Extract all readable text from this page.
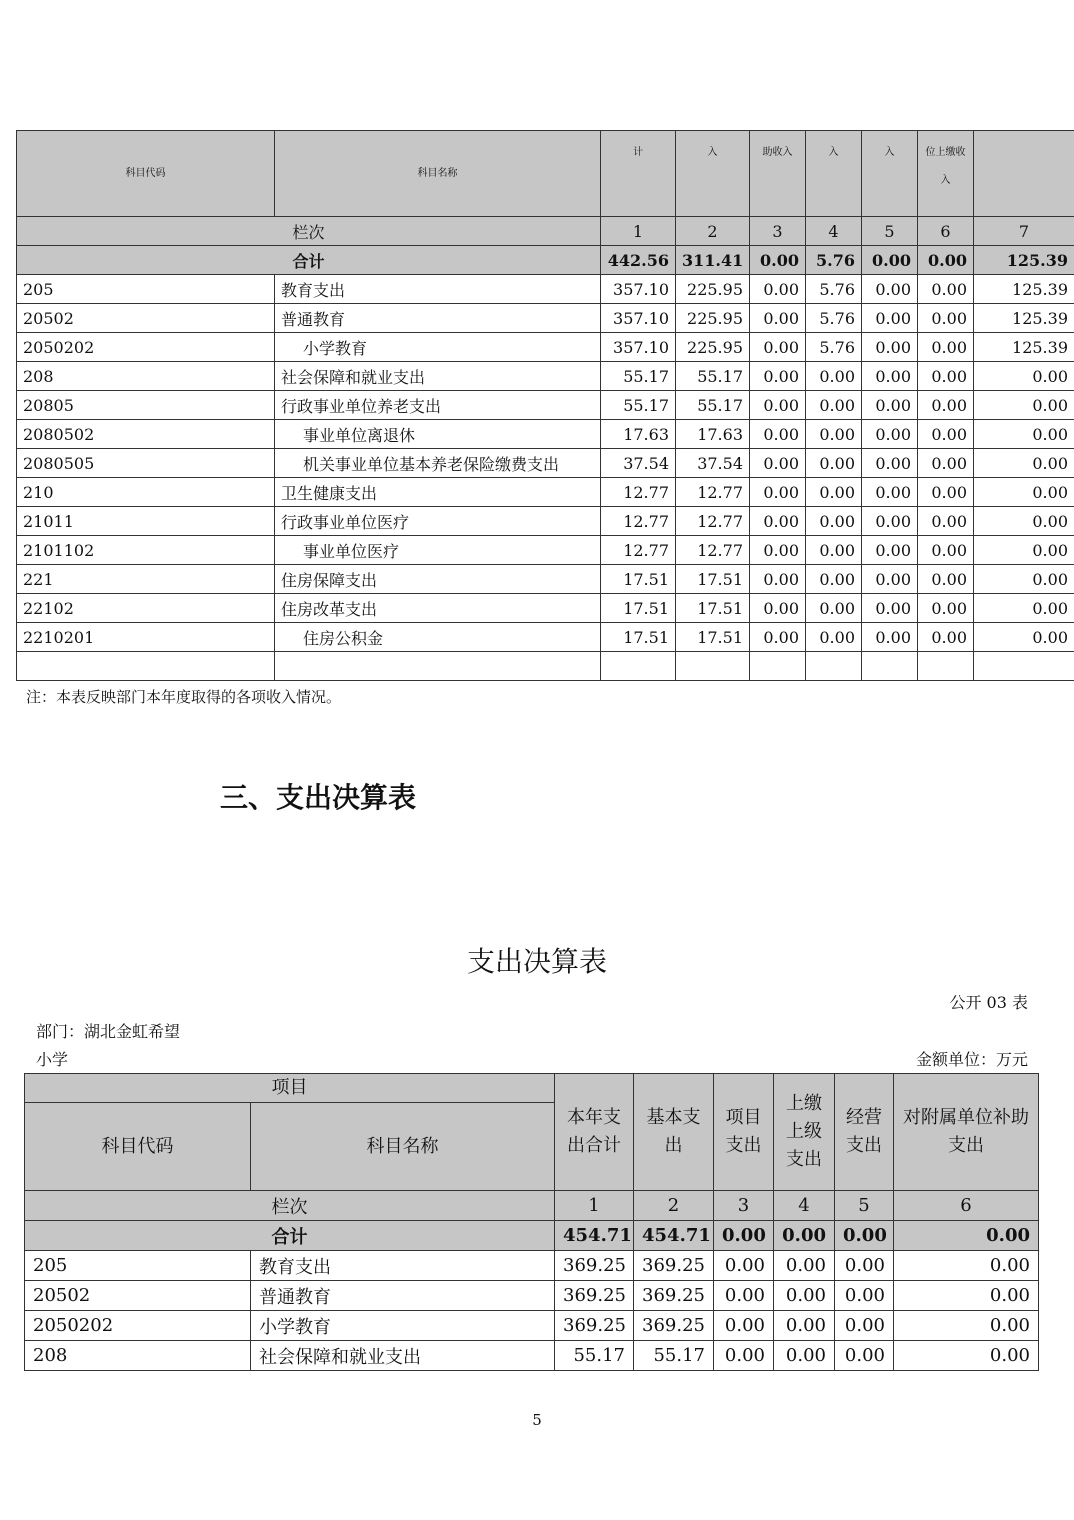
科目代码	科目名称	计	入	助收入	入	入	位上缴收入	
栏次		1	2	3	4	5	6	7
合计		442.56	311.41	0.00	5.76	0.00	0.00	125.39
205	教育支出	357.10	225.95	0.00	5.76	0.00	0.00	125.39
20502	普通教育	357.10	225.95	0.00	5.76	0.00	0.00	125.39
2050202	小学教育	357.10	225.95	0.00	5.76	0.00	0.00	125.39
208	社会保障和就业支出	55.17	55.17	0.00	0.00	0.00	0.00	0.00
20805	行政事业单位养老支出	55.17	55.17	0.00	0.00	0.00	0.00	0.00
2080502	事业单位离退休	17.63	17.63	0.00	0.00	0.00	0.00	0.00
2080505	机关事业单位基本养老保险缴费支出	37.54	37.54	0.00	0.00	0.00	0.00	0.00
210	卫生健康支出	12.77	12.77	0.00	0.00	0.00	0.00	0.00
21011	行政事业单位医疗	12.77	12.77	0.00	0.00	0.00	0.00	0.00
2101102	事业单位医疗	12.77	12.77	0.00	0.00	0.00	0.00	0.00
221	住房保障支出	17.51	17.51	0.00	0.00	0.00	0.00	0.00
22102	住房改革支出	17.51	17.51	0.00	0.00	0.00	0.00	0.00
2210201	住房公积金	17.51	17.51	0.00	0.00	0.00	0.00	0.00

注：本表反映部门本年度取得的各项收入情况。
三、支出决算表
支出决算表
公开 03 表
部门：湖北金虹希望
小学	金额单位：万元
项目		本年支出合计	基本支出	项目支出	上缴上级支出	经营支出	对附属单位补助支出
科目代码	科目名称						
栏次		1	2	3	4	5	6
合计		454.71	454.71	0.00	0.00	0.00	0.00
205	教育支出	369.25	369.25	0.00	0.00	0.00	0.00
20502	普通教育	369.25	369.25	0.00	0.00	0.00	0.00
2050202	小学教育	369.25	369.25	0.00	0.00	0.00	0.00
208	社会保障和就业支出	55.17	55.17	0.00	0.00	0.00	0.00
5
